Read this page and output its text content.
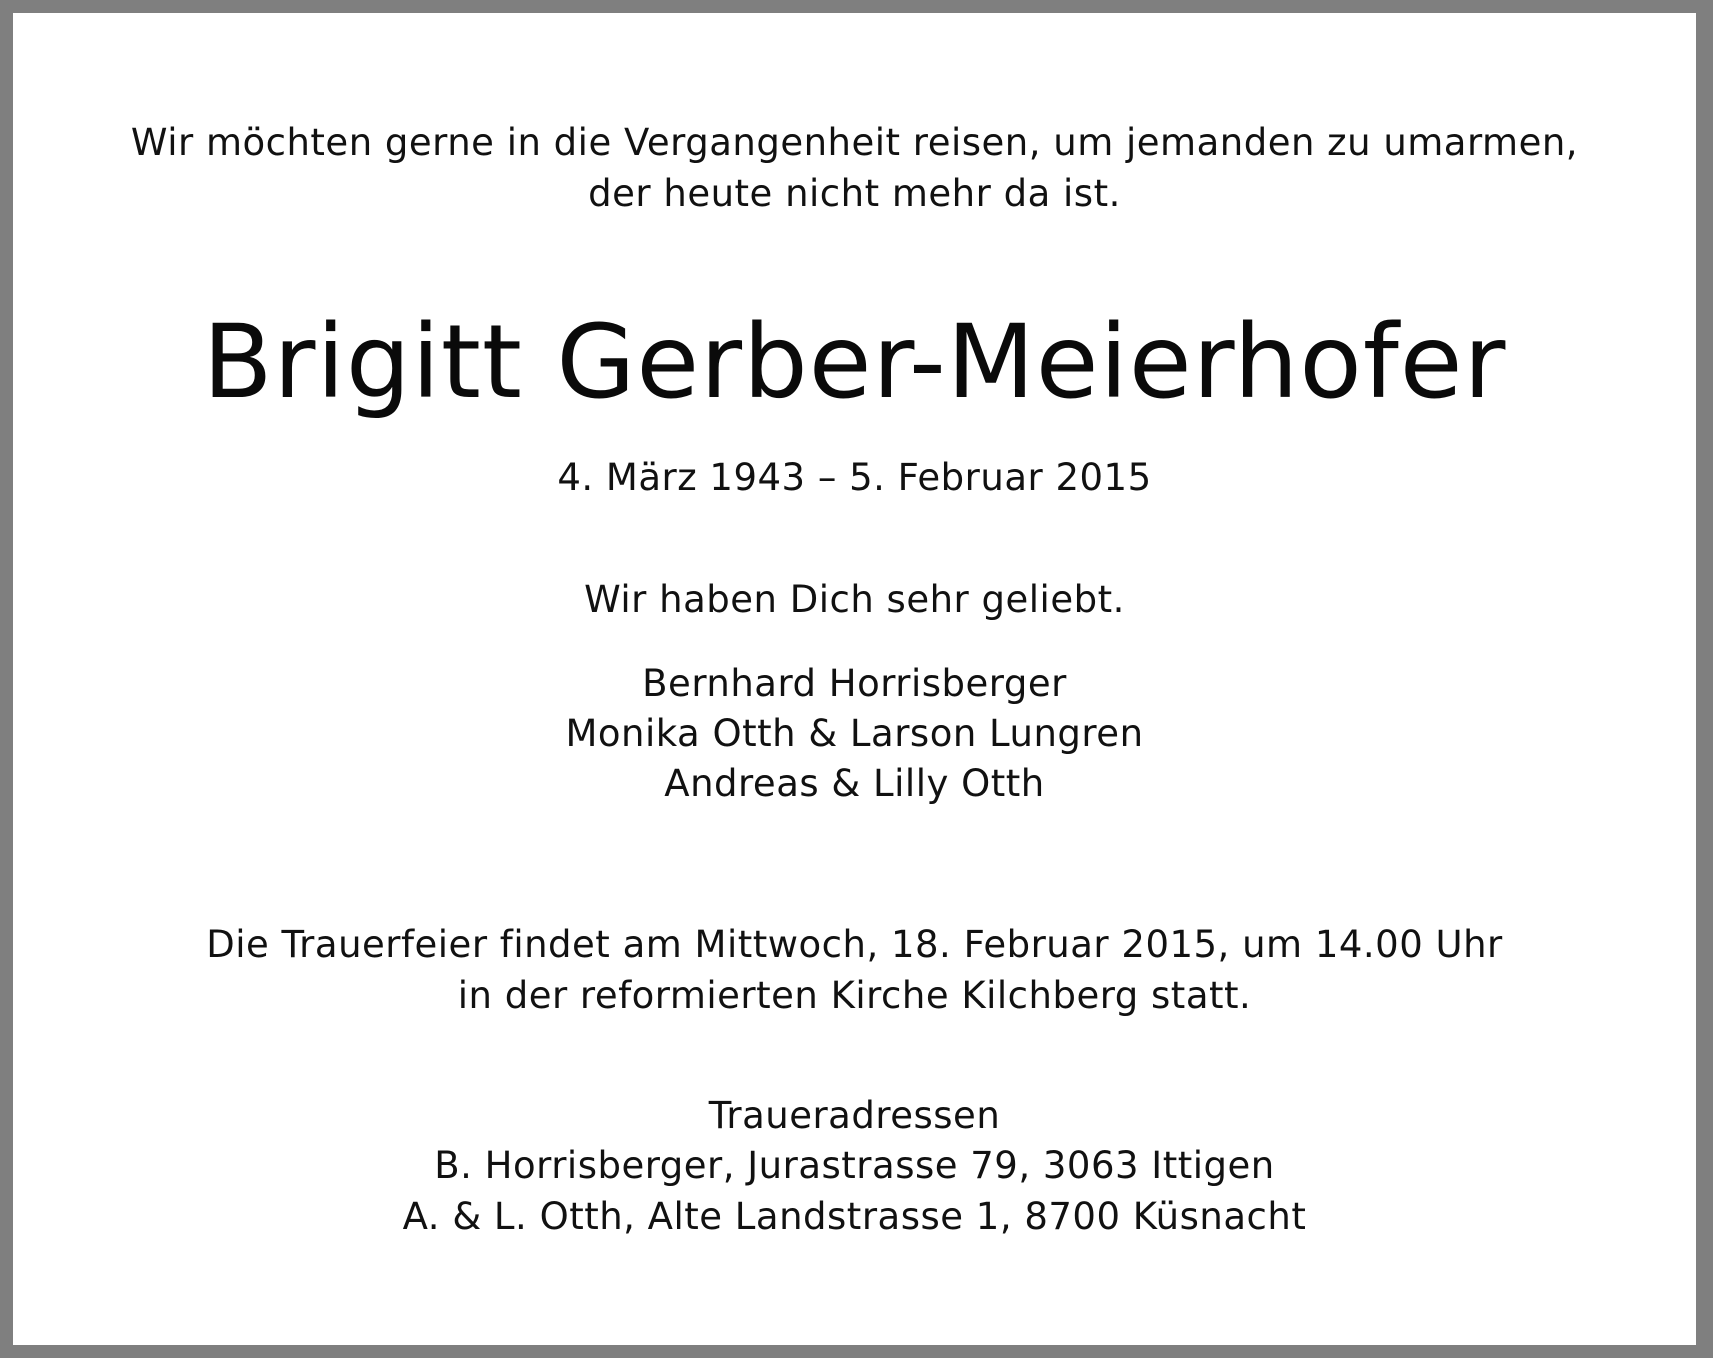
Wir möchten gerne in die Vergangenheit reisen, um jemanden zu umarmen,
der heute nicht mehr da ist.
Brigitt Gerber-Meierhofer
4. März 1943 – 5. Februar 2015
Wir haben Dich sehr geliebt.
Bernhard Horrisberger
Monika Otth & Larson Lungren
Andreas & Lilly Otth
Die Trauerfeier findet am Mittwoch, 18. Februar 2015, um 14.00 Uhr
in der reformierten Kirche Kilchberg statt.
Traueradressen
B. Horrisberger, Jurastrasse 79, 3063 Ittigen
A. & L. Otth, Alte Landstrasse 1, 8700 Küsnacht
